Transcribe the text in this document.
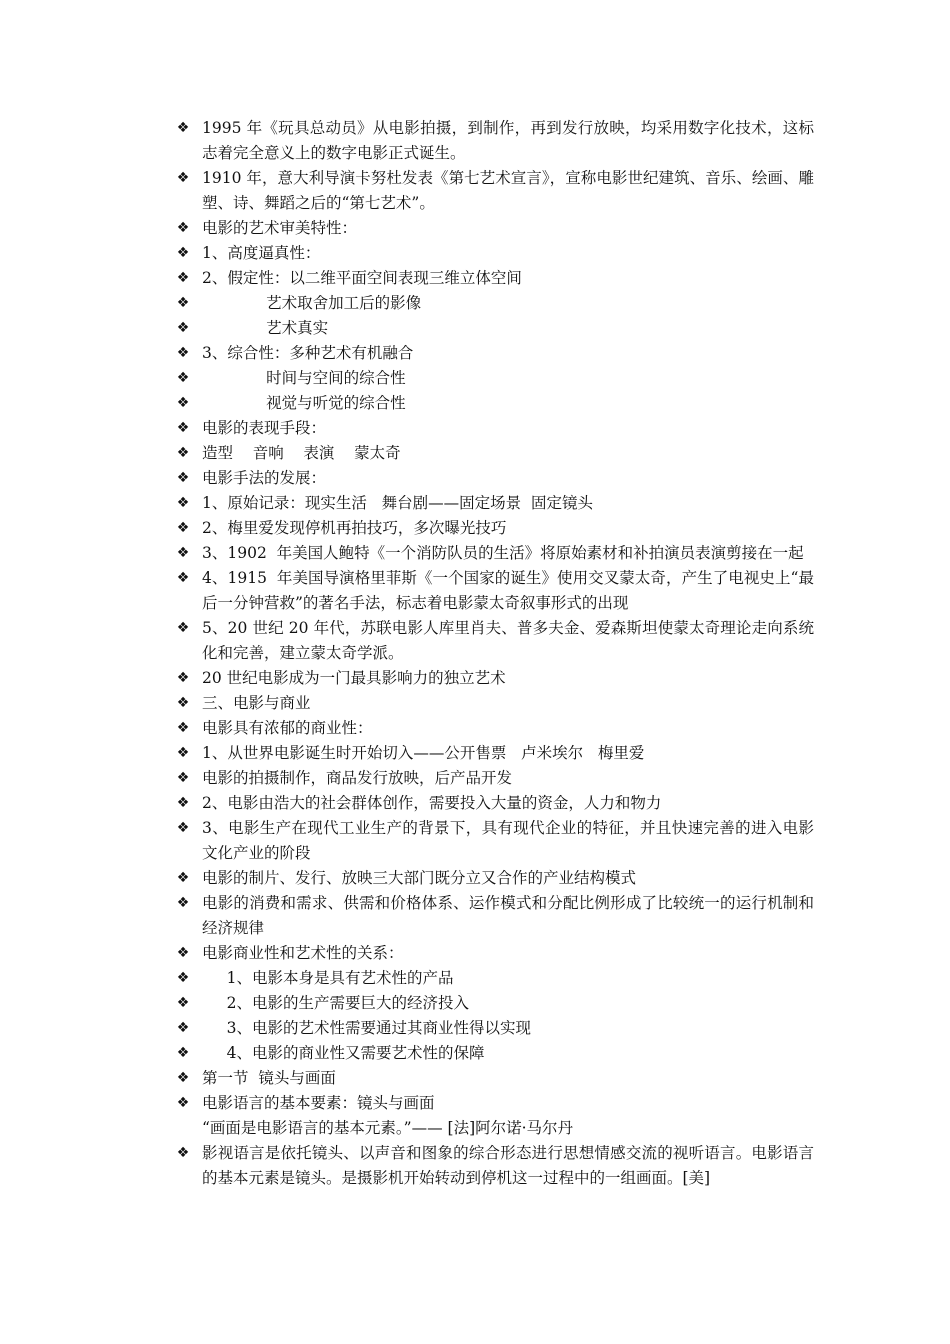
❖ 1995 年《玩具总动员》从电影拍摄，到制作，再到发行放映，均采用数字化技术，这标志着完全意义上的数字电影正式诞生。
❖ 1910 年，意大利导演卡努杜发表《第七艺术宣言》，宣称电影世纪建筑、音乐、绘画、雕塑、诗、舞蹈之后的“第七艺术”。
❖ 电影的艺术审美特性：
❖ 1、高度逼真性：
❖ 2、假定性：以二维平面空间表现三维立体空间
❖ 艺术取舍加工后的影像
❖ 艺术真实
❖ 3、综合性：多种艺术有机融合
❖ 时间与空间的综合性
❖ 视觉与听觉的综合性
❖ 电影的表现手段：
❖ 造型    音响    表演    蒙太奇
❖ 电影手法的发展：
❖ 1、原始记录：现实生活   舞台剧——固定场景  固定镜头
❖ 2、梅里爱发现停机再拍技巧，多次曝光技巧
❖ 3、1902  年美国人鲍特《一个消防队员的生活》将原始素材和补拍演员表演剪接在一起
❖ 4、1915  年美国导演格里菲斯《一个国家的诞生》使用交叉蒙太奇，产生了电视史上“最后一分钟营救”的著名手法，标志着电影蒙太奇叙事形式的出现
❖ 5、20 世纪 20 年代，苏联电影人库里肖夫、普多夫金、爱森斯坦使蒙太奇理论走向系统化和完善，建立蒙太奇学派。
❖ 20 世纪电影成为一门最具影响力的独立艺术
❖ 三、电影与商业
❖ 电影具有浓郁的商业性：
❖ 1、从世界电影诞生时开始切入——公开售票   卢米埃尔   梅里爱
❖ 电影的拍摄制作，商品发行放映，后产品开发
❖ 2、电影由浩大的社会群体创作，需要投入大量的资金，人力和物力
❖ 3、电影生产在现代工业生产的背景下，具有现代企业的特征，并且快速完善的进入电影文化产业的阶段
❖ 电影的制片、发行、放映三大部门既分立又合作的产业结构模式
❖ 电影的消费和需求、供需和价格体系、运作模式和分配比例形成了比较统一的运行机制和经济规律
❖ 电影商业性和艺术性的关系：
❖ 1、电影本身是具有艺术性的产品
❖ 2、电影的生产需要巨大的经济投入
❖ 3、电影的艺术性需要通过其商业性得以实现
❖ 4、电影的商业性又需要艺术性的保障
❖ 第一节  镜头与画面
❖ 电影语言的基本要素：镜头与画面
“画面是电影语言的基本元素。”—— [法]阿尔诺·马尔丹
❖ 影视语言是依托镜头、以声音和图象的综合形态进行思想情感交流的视听语言。电影语言的基本元素是镜头。是摄影机开始转动到停机这一过程中的一组画面。[美]
